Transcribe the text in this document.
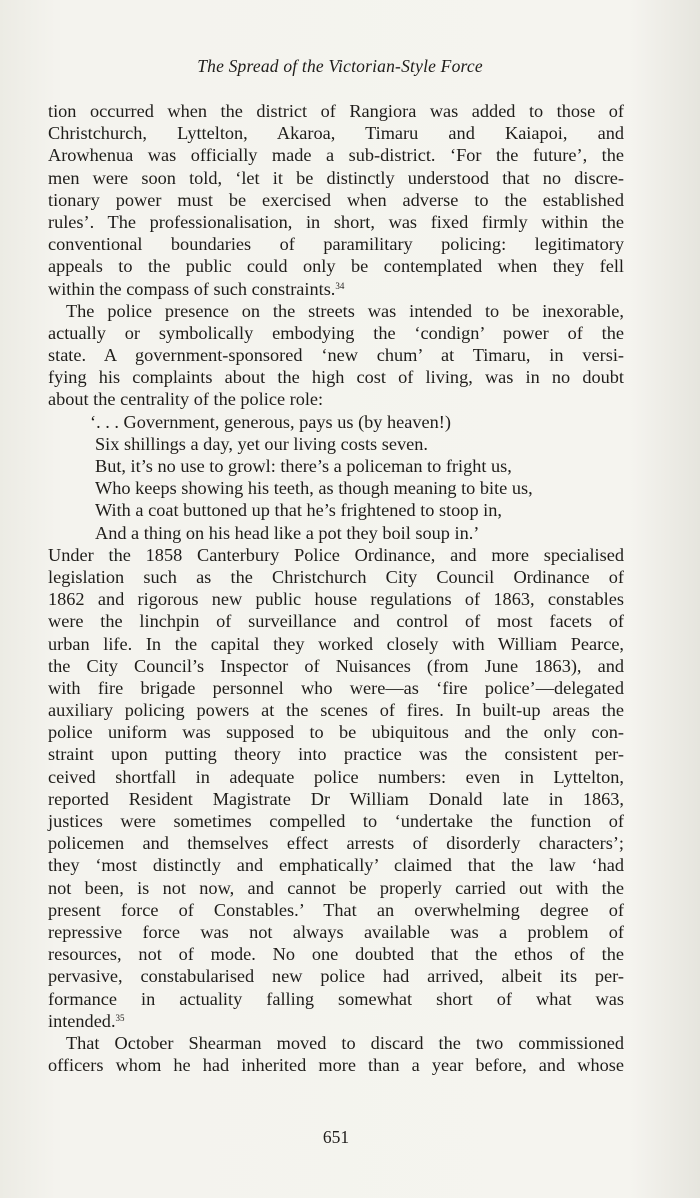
The Spread of the Victorian-Style Force
tion occurred when the district of Rangiora was added to those of
Christchurch, Lyttelton, Akaroa, Timaru and Kaiapoi, and
Arowhenua was officially made a sub-district. ‘For the future’, the
men were soon told, ‘let it be distinctly understood that no discre-
tionary power must be exercised when adverse to the established
rules’. The professionalisation, in short, was fixed firmly within the
conventional boundaries of paramilitary policing: legitimatory
appeals to the public could only be contemplated when they fell
within the compass of such constraints.$^{34}$
The police presence on the streets was intended to be inexorable,
actually or symbolically embodying the ‘condign’ power of the
state. A government-sponsored ‘new chum’ at Timaru, in versi-
fying his complaints about the high cost of living, was in no doubt
about the centrality of the police role:
‘. . . Government, generous, pays us (by heaven!)
Six shillings a day, yet our living costs seven.
But, it’s no use to growl: there’s a policeman to fright us,
Who keeps showing his teeth, as though meaning to bite us,
With a coat buttoned up that he’s frightened to stoop in,
And a thing on his head like a pot they boil soup in.’
Under the 1858 Canterbury Police Ordinance, and more specialised
legislation such as the Christchurch City Council Ordinance of
1862 and rigorous new public house regulations of 1863, constables
were the linchpin of surveillance and control of most facets of
urban life. In the capital they worked closely with William Pearce,
the City Council’s Inspector of Nuisances (from June 1863), and
with fire brigade personnel who were—as ‘fire police’—delegated
auxiliary policing powers at the scenes of fires. In built-up areas the
police uniform was supposed to be ubiquitous and the only con-
straint upon putting theory into practice was the consistent per-
ceived shortfall in adequate police numbers: even in Lyttelton,
reported Resident Magistrate Dr William Donald late in 1863,
justices were sometimes compelled to ‘undertake the function of
policemen and themselves effect arrests of disorderly characters’;
they ‘most distinctly and emphatically’ claimed that the law ‘had
not been, is not now, and cannot be properly carried out with the
present force of Constables.’ That an overwhelming degree of
repressive force was not always available was a problem of
resources, not of mode. No one doubted that the ethos of the
pervasive, constabularised new police had arrived, albeit its per-
formance in actuality falling somewhat short of what was
intended.$^{35}$
That October Shearman moved to discard the two commissioned
officers whom he had inherited more than a year before, and whose
651
